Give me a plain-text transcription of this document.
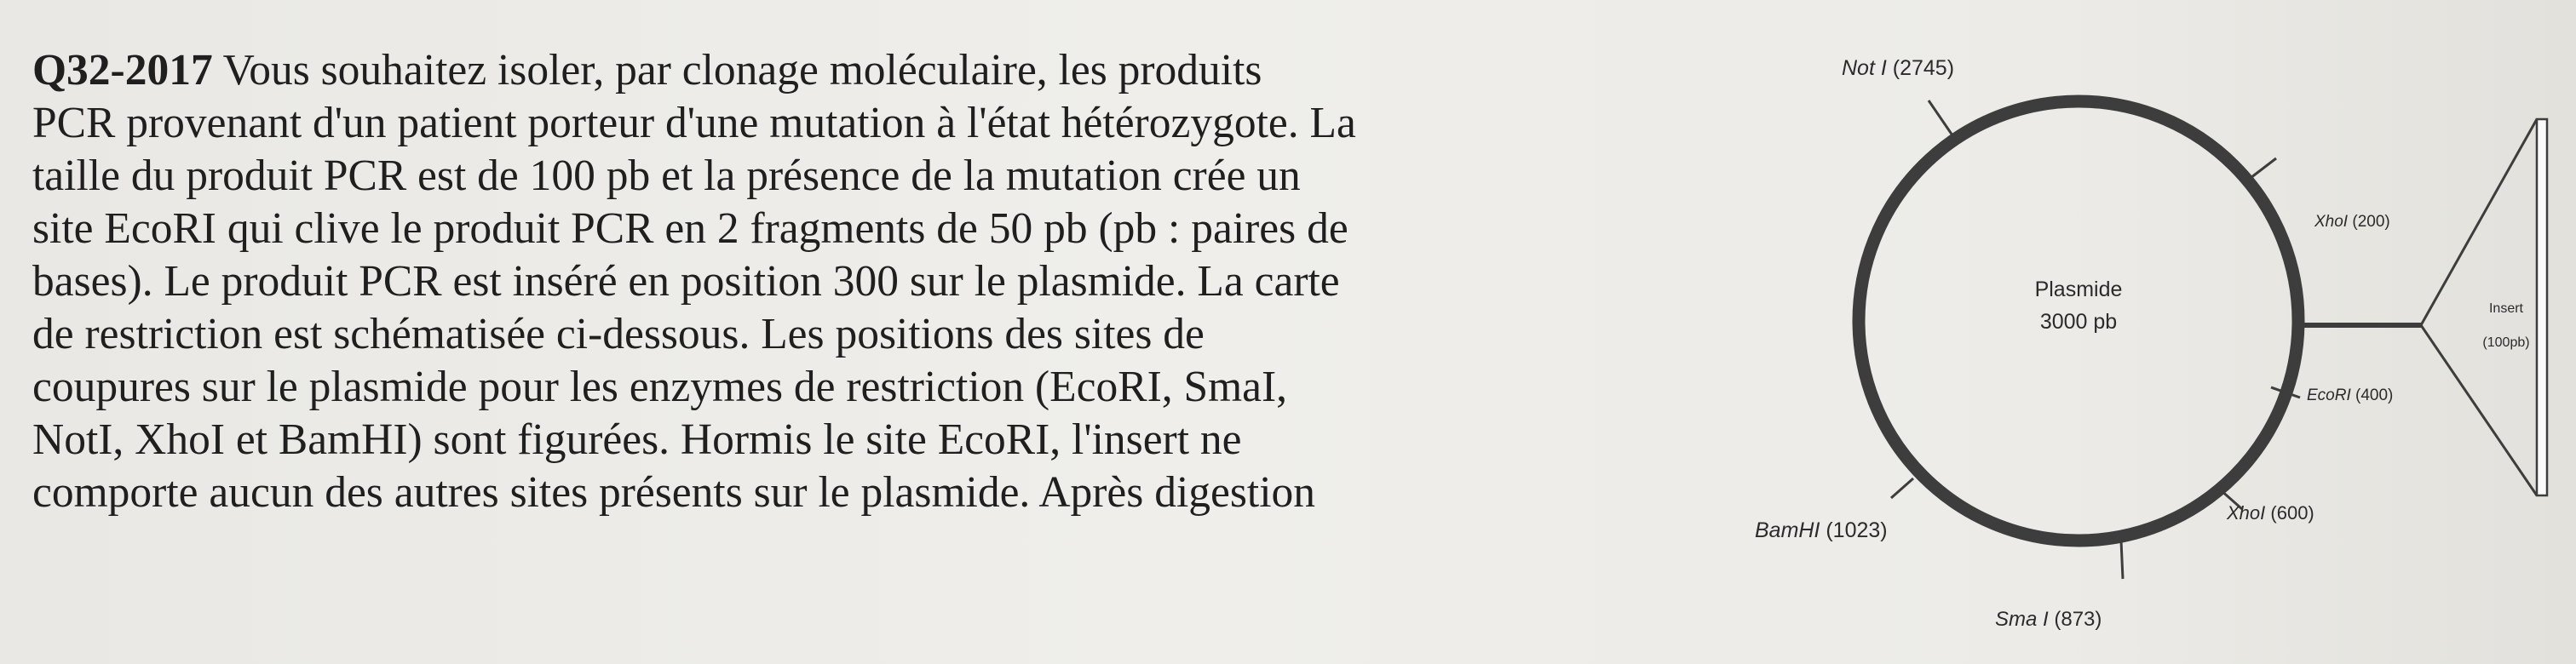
Q32-2017 Vous souhaitez isoler, par clonage moléculaire, les produits
PCR provenant d'un patient porteur d'une mutation à l'état hétérozygote. La
taille du produit PCR est de 100 pb et la présence de la mutation crée un
site EcoRI qui clive le produit PCR en 2 fragments de 50 pb (pb : paires de
bases). Le produit PCR est inséré en position 300 sur le plasmide. La carte
de restriction est schématisée ci-dessous. Les positions des sites de
coupures sur le plasmide pour les enzymes de restriction (EcoRI, SmaI,
NotI, XhoI et BamHI) sont figurées. Hormis le site EcoRI, l'insert ne
comporte aucun des autres sites présents sur le plasmide. Après digestion
Plasmide
3000 pb
Insert
(100pb)
Not I (2745)
XhoI (200)
EcoRI (400)
XhoI (600)
Sma I (873)
BamHI (1023)
